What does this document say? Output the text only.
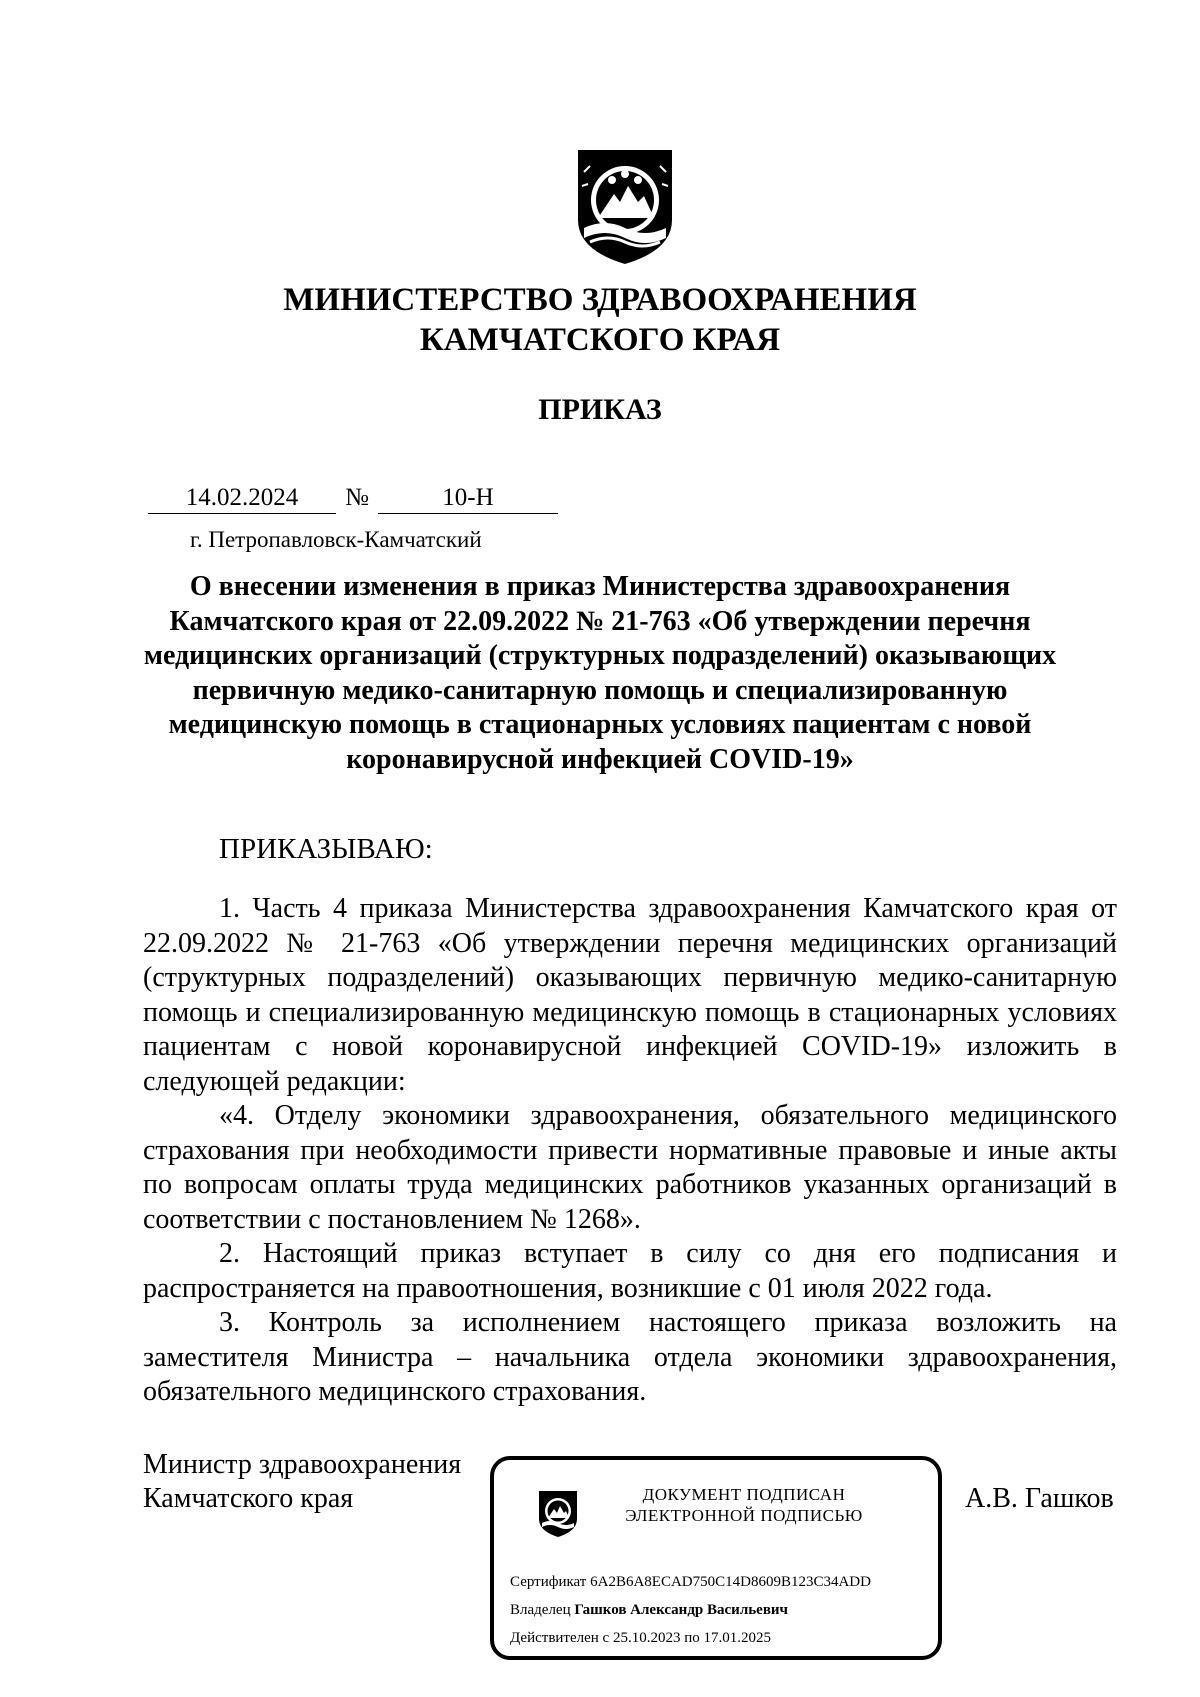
МИНИСТЕРСТВО ЗДРАВООХРАНЕНИЯ
КАМЧАТСКОГО КРАЯ
ПРИКАЗ
14.02.2024	№	10-Н
г. Петропавловск-Камчатский
О внесении изменения в приказ Министерства здравоохранения Камчатского края от 22.09.2022 № 21-763 «Об утверждении перечня медицинских организаций (структурных подразделений) оказывающих первичную медико-санитарную помощь и специализированную медицинскую помощь в стационарных условиях пациентам с новой коронавирусной инфекцией COVID-19»
ПРИКАЗЫВАЮ:

1. Часть 4 приказа Министерства здравоохранения Камчатского края от 22.09.2022 № 21-763 «Об утверждении перечня медицинских организаций (структурных подразделений) оказывающих первичную медико-санитарную помощь и специализированную медицинскую помощь в стационарных условиях пациентам с новой коронавирусной инфекцией COVID-19» изложить в следующей редакции:

«4. Отделу экономики здравоохранения, обязательного медицинского страхования при необходимости привести нормативные правовые и иные акты по вопросам оплаты труда медицинских работников указанных организаций в соответствии с постановлением № 1268».

2. Настоящий приказ вступает в силу со дня его подписания и распространяется на правоотношения, возникшие с 01 июля 2022 года.

3. Контроль за исполнением настоящего приказа возложить на заместителя Министра – начальника отдела экономики здравоохранения, обязательного медицинского страхования.

Министр здравоохранения
Камчатского края	ДОКУМЕНТ ПОДПИСАН
ЭЛЕКТРОННОЙ ПОДПИСЬЮ
Сертификат 6A2B6A8ECAD750C14D8609B123C34ADD
Владелец Гашков Александр Васильевич
Действителен с 25.10.2023 по 17.01.2025
А.В. Гашков
